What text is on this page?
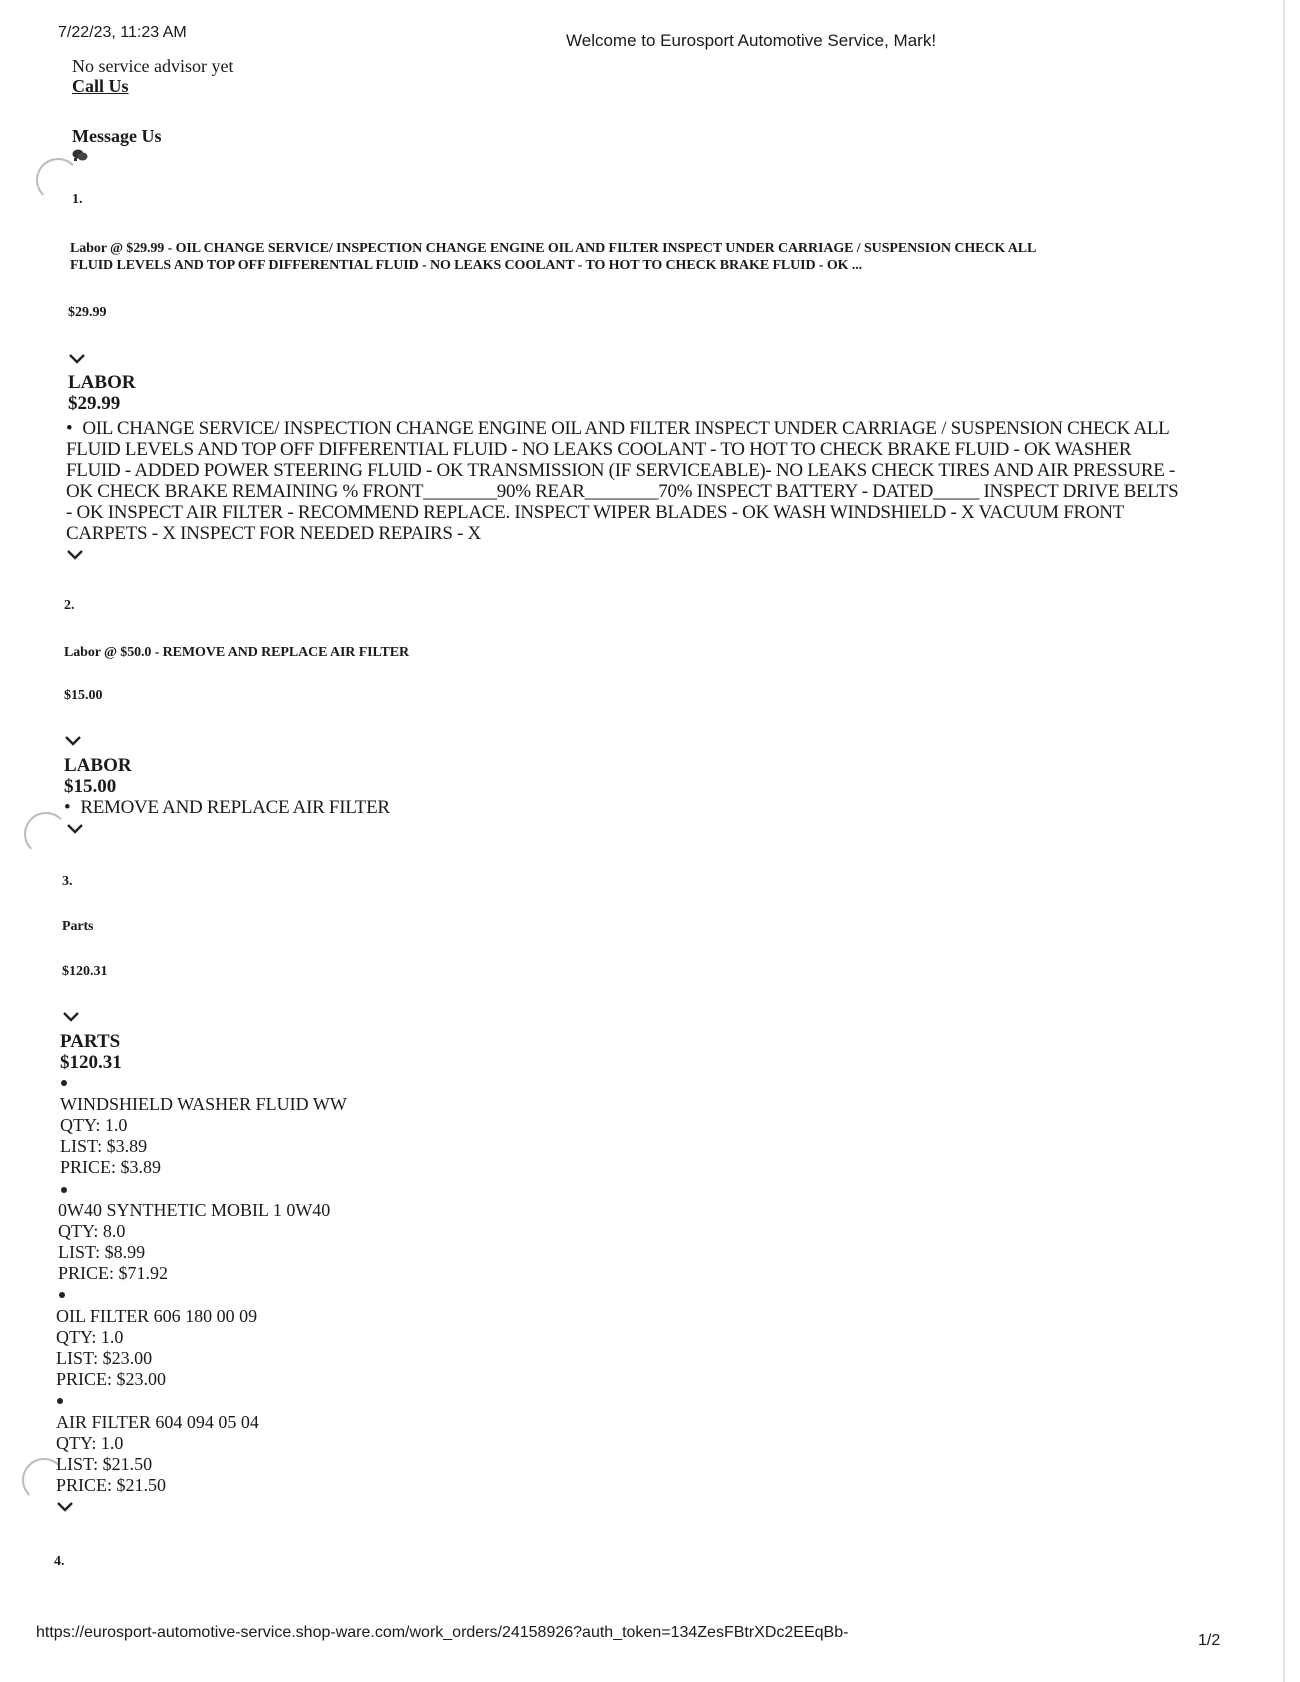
7/22/23, 11:23 AM	Welcome to Eurosport Automotive Service, Mark!
No service advisor yet
Call Us
Message Us
1.
Labor @ $29.99 - OIL CHANGE SERVICE/ INSPECTION CHANGE ENGINE OIL AND FILTER INSPECT UNDER CARRIAGE / SUSPENSION CHECK ALL
FLUID LEVELS AND TOP OFF DIFFERENTIAL FLUID - NO LEAKS COOLANT - TO HOT TO CHECK BRAKE FLUID - OK ...
$29.99
LABOR
$29.99
• OIL CHANGE SERVICE/ INSPECTION CHANGE ENGINE OIL AND FILTER INSPECT UNDER CARRIAGE / SUSPENSION CHECK ALL
FLUID LEVELS AND TOP OFF DIFFERENTIAL FLUID - NO LEAKS COOLANT - TO HOT TO CHECK BRAKE FLUID - OK WASHER
FLUID - ADDED POWER STEERING FLUID - OK TRANSMISSION (IF SERVICEABLE)- NO LEAKS CHECK TIRES AND AIR PRESSURE -
OK CHECK BRAKE REMAINING % FRONT________90% REAR________70% INSPECT BATTERY - DATED_____ INSPECT DRIVE BELTS
- OK INSPECT AIR FILTER - RECOMMEND REPLACE. INSPECT WIPER BLADES - OK WASH WINDSHIELD - X VACUUM FRONT
CARPETS - X INSPECT FOR NEEDED REPAIRS - X
2.
Labor @ $50.0 - REMOVE AND REPLACE AIR FILTER
$15.00
LABOR
$15.00
• REMOVE AND REPLACE AIR FILTER
3.
Parts
$120.31
PARTS
$120.31
WINDSHIELD WASHER FLUID WW
QTY: 1.0
LIST: $3.89
PRICE: $3.89
0W40 SYNTHETIC MOBIL 1 0W40
QTY: 8.0
LIST: $8.99
PRICE: $71.92
OIL FILTER 606 180 00 09
QTY: 1.0
LIST: $23.00
PRICE: $23.00
AIR FILTER 604 094 05 04
QTY: 1.0
LIST: $21.50
PRICE: $21.50
4.
https://eurosport-automotive-service.shop-ware.com/work_orders/24158926?auth_token=134ZesFBtrXDc2EEqBb-	1/2
